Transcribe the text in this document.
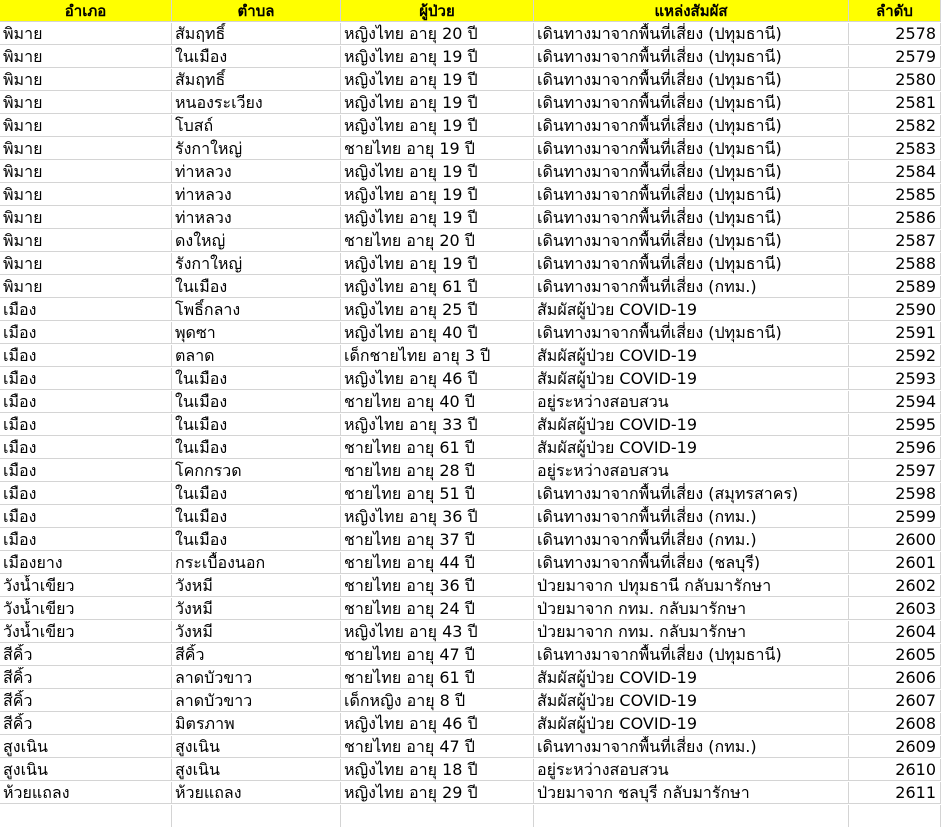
อำเภอ	ตำบล	ผู้ป่วย	แหล่งสัมผัส	ลำดับ
พิมาย	สัมฤทธิ์	หญิงไทย อายุ 20 ปี	เดินทางมาจากพื้นที่เสี่ยง (ปทุมธานี)	2578
พิมาย	ในเมือง	หญิงไทย อายุ 19 ปี	เดินทางมาจากพื้นที่เสี่ยง (ปทุมธานี)	2579
พิมาย	สัมฤทธิ์	หญิงไทย อายุ 19 ปี	เดินทางมาจากพื้นที่เสี่ยง (ปทุมธานี)	2580
พิมาย	หนองระเวียง	หญิงไทย อายุ 19 ปี	เดินทางมาจากพื้นที่เสี่ยง (ปทุมธานี)	2581
พิมาย	โบสถ์	หญิงไทย อายุ 19 ปี	เดินทางมาจากพื้นที่เสี่ยง (ปทุมธานี)	2582
พิมาย	รังกาใหญ่	ชายไทย อายุ 19 ปี	เดินทางมาจากพื้นที่เสี่ยง (ปทุมธานี)	2583
พิมาย	ท่าหลวง	หญิงไทย อายุ 19 ปี	เดินทางมาจากพื้นที่เสี่ยง (ปทุมธานี)	2584
พิมาย	ท่าหลวง	หญิงไทย อายุ 19 ปี	เดินทางมาจากพื้นที่เสี่ยง (ปทุมธานี)	2585
พิมาย	ท่าหลวง	หญิงไทย อายุ 19 ปี	เดินทางมาจากพื้นที่เสี่ยง (ปทุมธานี)	2586
พิมาย	ดงใหญ่	ชายไทย อายุ 20 ปี	เดินทางมาจากพื้นที่เสี่ยง (ปทุมธานี)	2587
พิมาย	รังกาใหญ่	หญิงไทย อายุ 19 ปี	เดินทางมาจากพื้นที่เสี่ยง (ปทุมธานี)	2588
พิมาย	ในเมือง	หญิงไทย อายุ 61 ปี	เดินทางมาจากพื้นที่เสี่ยง (กทม.)	2589
เมือง	โพธิ์กลาง	หญิงไทย อายุ 25 ปี	สัมผัสผู้ป่วย COVID-19	2590
เมือง	พุดซา	หญิงไทย อายุ 40 ปี	เดินทางมาจากพื้นที่เสี่ยง (ปทุมธานี)	2591
เมือง	ตลาด	เด็กชายไทย อายุ 3 ปี	สัมผัสผู้ป่วย COVID-19	2592
เมือง	ในเมือง	หญิงไทย อายุ 46 ปี	สัมผัสผู้ป่วย COVID-19	2593
เมือง	ในเมือง	ชายไทย อายุ 40 ปี	อยู่ระหว่างสอบสวน	2594
เมือง	ในเมือง	หญิงไทย อายุ 33 ปี	สัมผัสผู้ป่วย COVID-19	2595
เมือง	ในเมือง	ชายไทย อายุ 61 ปี	สัมผัสผู้ป่วย COVID-19	2596
เมือง	โคกกรวด	ชายไทย อายุ 28 ปี	อยู่ระหว่างสอบสวน	2597
เมือง	ในเมือง	ชายไทย อายุ 51 ปี	เดินทางมาจากพื้นที่เสี่ยง (สมุทรสาคร)	2598
เมือง	ในเมือง	หญิงไทย อายุ 36 ปี	เดินทางมาจากพื้นที่เสี่ยง (กทม.)	2599
เมือง	ในเมือง	ชายไทย อายุ 37 ปี	เดินทางมาจากพื้นที่เสี่ยง (กทม.)	2600
เมืองยาง	กระเบื้องนอก	ชายไทย อายุ 44 ปี	เดินทางมาจากพื้นที่เสี่ยง (ชลบุรี)	2601
วังน้ำเขียว	วังหมี	ชายไทย อายุ 36 ปี	ป่วยมาจาก ปทุมธานี กลับมารักษา	2602
วังน้ำเขียว	วังหมี	ชายไทย อายุ 24 ปี	ป่วยมาจาก กทม. กลับมารักษา	2603
วังน้ำเขียว	วังหมี	หญิงไทย อายุ 43 ปี	ป่วยมาจาก กทม. กลับมารักษา	2604
สีคิ้ว	สีคิ้ว	ชายไทย อายุ 47 ปี	เดินทางมาจากพื้นที่เสี่ยง (ปทุมธานี)	2605
สีคิ้ว	ลาดบัวขาว	ชายไทย อายุ 61 ปี	สัมผัสผู้ป่วย COVID-19	2606
สีคิ้ว	ลาดบัวขาว	เด็กหญิง อายุ 8 ปี	สัมผัสผู้ป่วย COVID-19	2607
สีคิ้ว	มิตรภาพ	หญิงไทย อายุ 46 ปี	สัมผัสผู้ป่วย COVID-19	2608
สูงเนิน	สูงเนิน	ชายไทย อายุ 47 ปี	เดินทางมาจากพื้นที่เสี่ยง (กทม.)	2609
สูงเนิน	สูงเนิน	หญิงไทย อายุ 18 ปี	อยู่ระหว่างสอบสวน	2610
ห้วยแถลง	ห้วยแถลง	หญิงไทย อายุ 29 ปี	ป่วยมาจาก ชลบุรี กลับมารักษา	2611
